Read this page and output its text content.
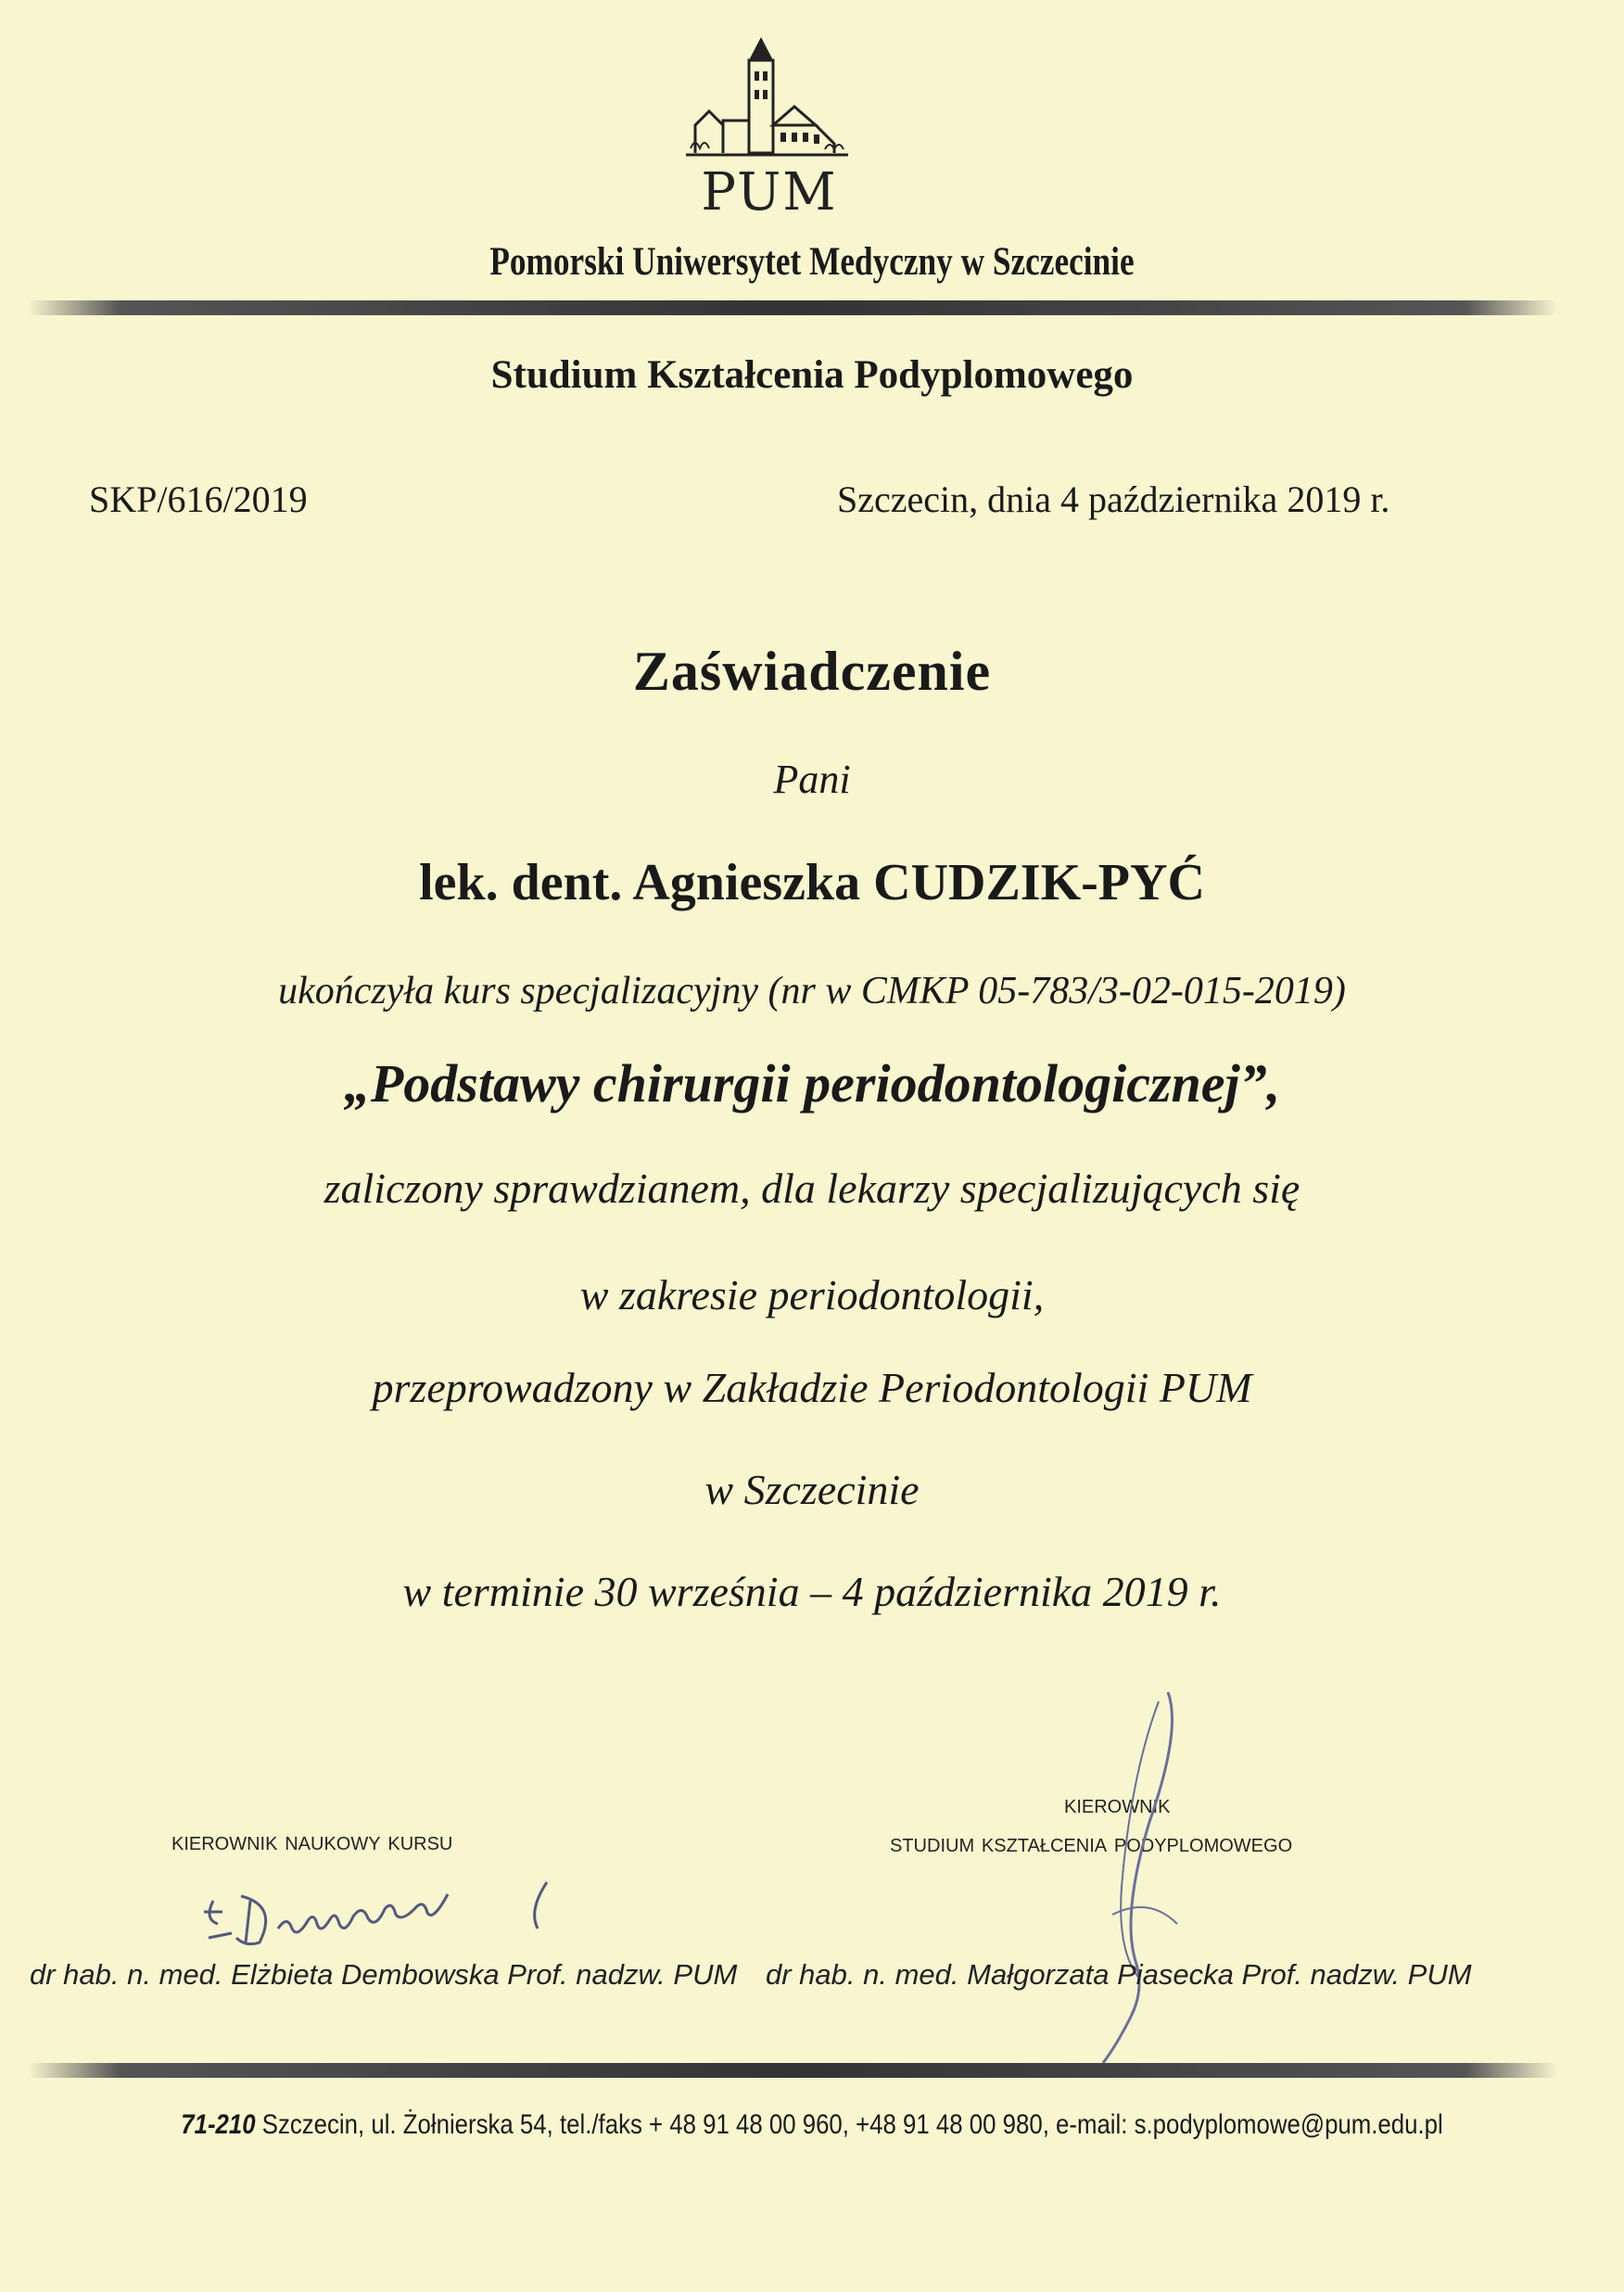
PUM
Pomorski Uniwersytet Medyczny w Szczecinie
Studium Kształcenia Podyplomowego
SKP/616/2019	Szczecin, dnia 4 października 2019 r.
Zaświadczenie
Pani
lek. dent. Agnieszka CUDZIK-PYĆ
ukończyła kurs specjalizacyjny (nr w CMKP 05-783/3-02-015-2019)
„Podstawy chirurgii periodontologicznej”,
zaliczony sprawdzianem, dla lekarzy specjalizujących się
w zakresie periodontologii,
przeprowadzony w Zakładzie Periodontologii PUM
w Szczecinie
w terminie 30 września – 4 października 2019 r.
kierownik naukowy kursu
kierownik
studium kształcenia podyplomowego
dr hab. n. med. Elżbieta Dembowska Prof. nadzw. PUM dr hab. n. med. Małgorzata Piasecka Prof. nadzw. PUM
71-210 Szczecin, ul. Żołnierska 54, tel./faks + 48 91 48 00 960, +48 91 48 00 980, e-mail: s.podyplomowe@pum.edu.pl
